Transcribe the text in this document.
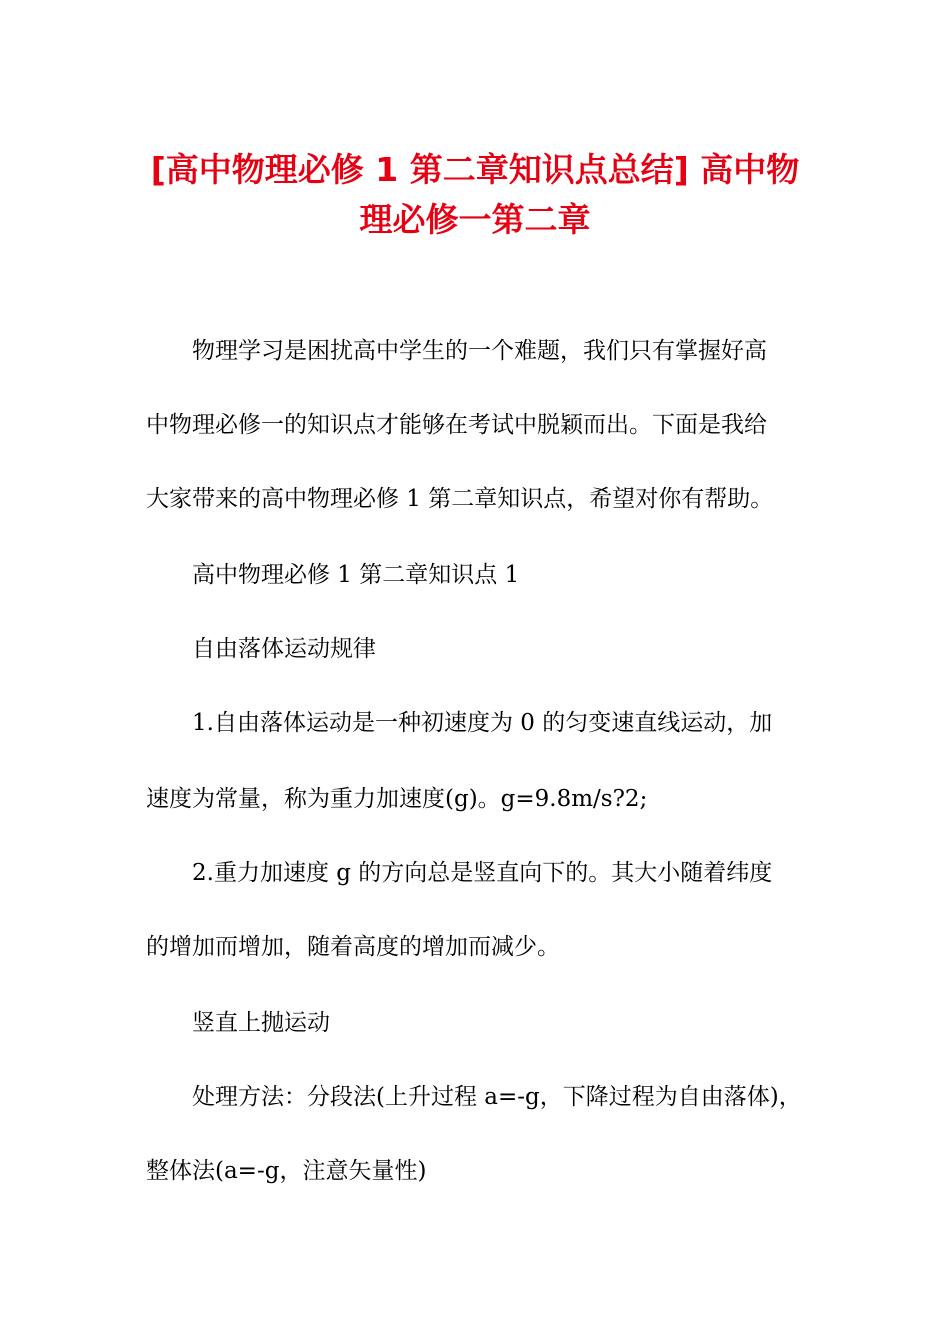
[高中物理必修 1 第二章知识点总结] 高中物
理必修一第二章

物理学习是困扰高中学生的一个难题，我们只有掌握好高

中物理必修一的知识点才能够在考试中脱颖而出。下面是我给

大家带来的高中物理必修 1 第二章知识点，希望对你有帮助。

高中物理必修 1 第二章知识点 1

自由落体运动规律

1.自由落体运动是一种初速度为 0 的匀变速直线运动，加

速度为常量，称为重力加速度(g)。g=9.8m/s?2;

2.重力加速度 g 的方向总是竖直向下的。其大小随着纬度

的增加而增加，随着高度的增加而减少。

竖直上抛运动

处理方法：分段法(上升过程 a=-g，下降过程为自由落体)，

整体法(a=-g，注意矢量性)
